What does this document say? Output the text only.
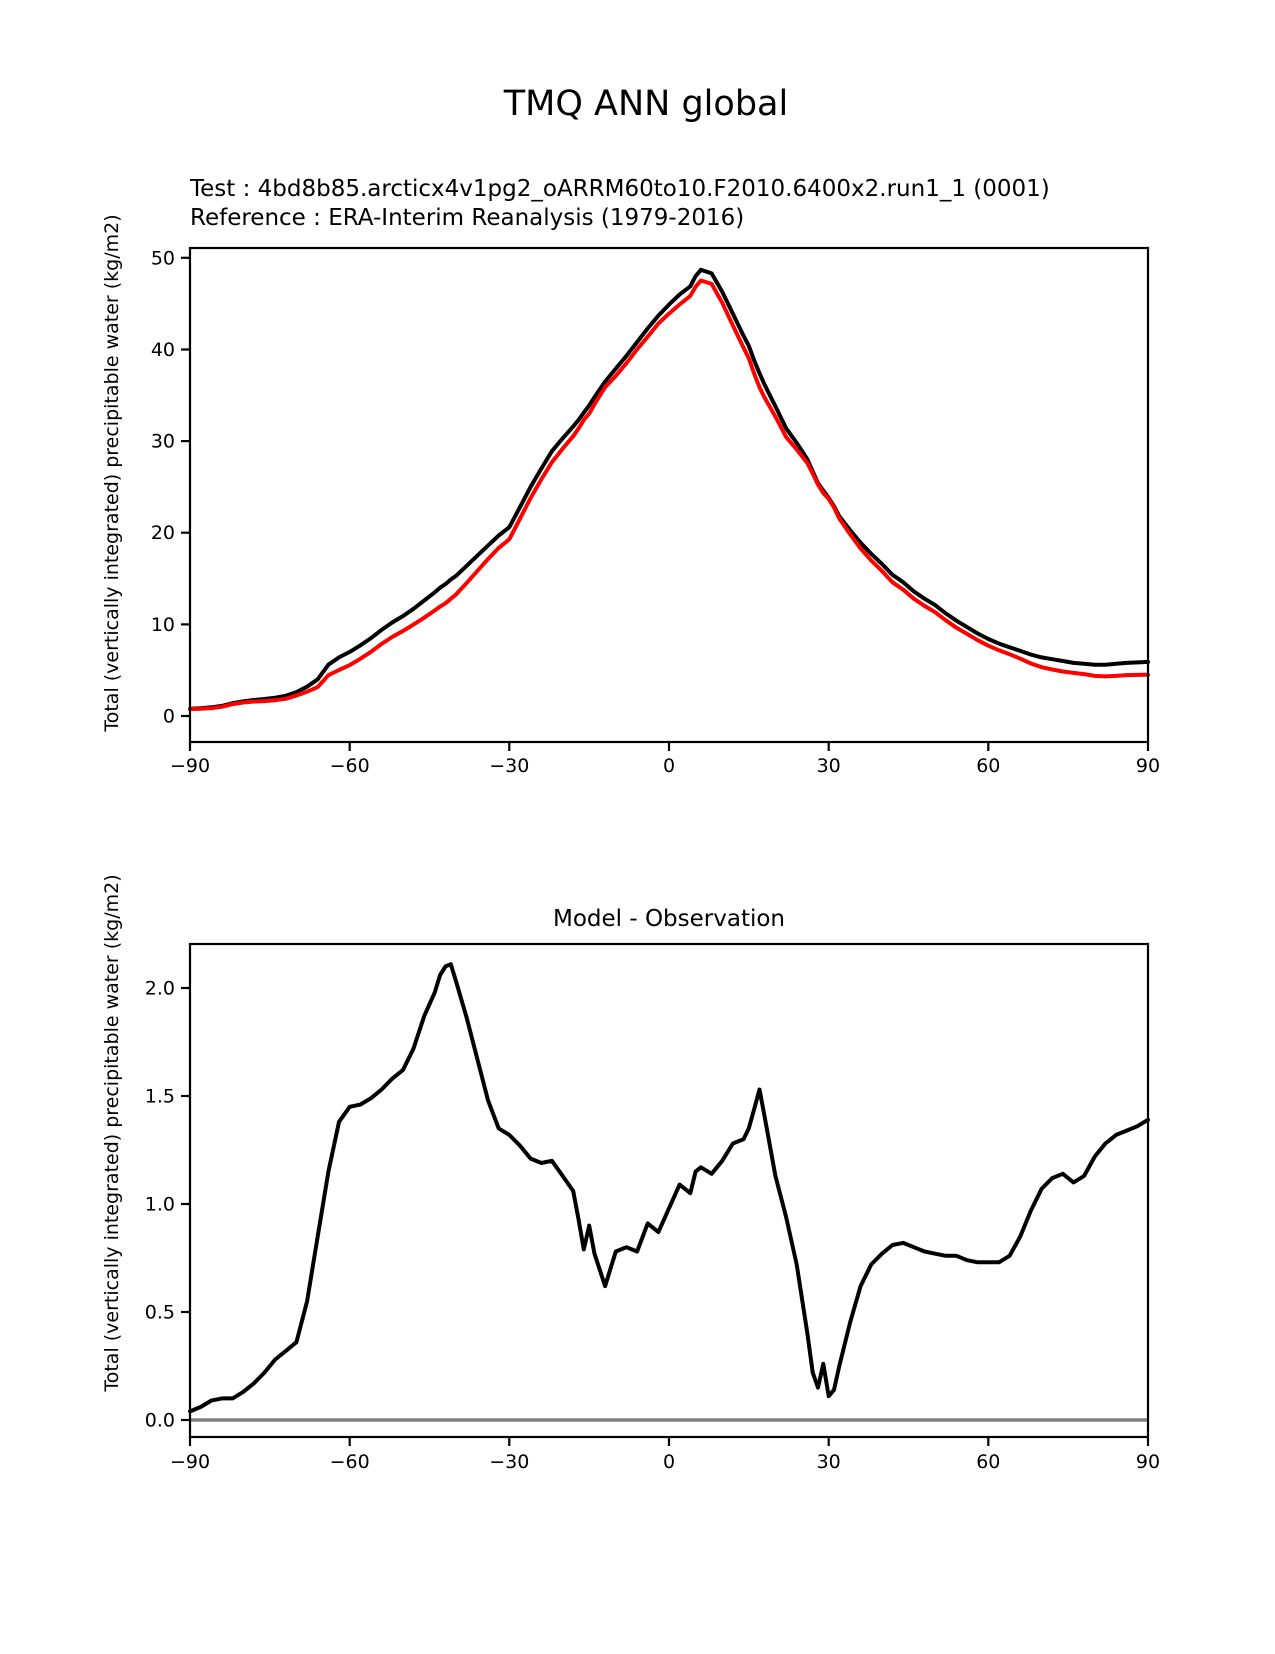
TMQ ANN global
Test : 4bd8b85.arcticx4v1pg2_oARRM60to10.F2010.6400x2.run1_1 (0001)
Reference : ERA-Interim Reanalysis (1979-2016)
Total (vertically integrated) precipitable water (kg/m2)
Model - Observation
Total (vertically integrated) precipitable water (kg/m2)
−90	−60	−30	0	30	60	90
0
10
20
30
40
50
−90	−60	−30	0	30	60	90
0.0
0.5
1.0
1.5
2.0
